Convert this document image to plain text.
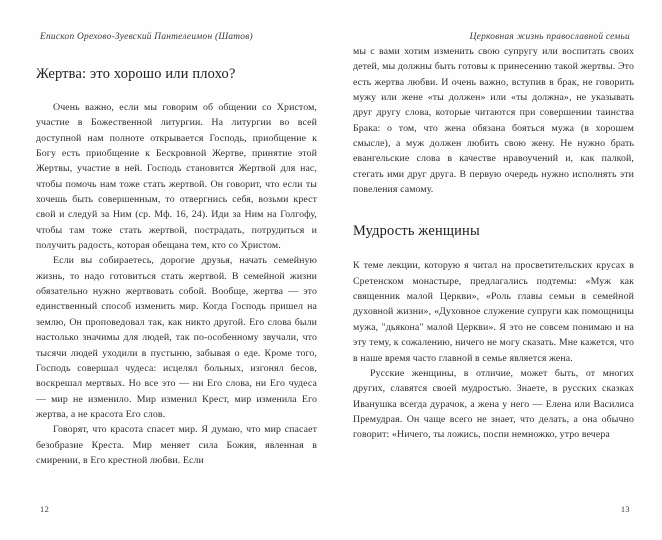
Епископ Орехово-Зуевский Пантелеимон (Шатов)
Жертва: это хорошо или плохо?

Очень важно, если мы говорим об общении со Христом, участие в Божественной литургии. На литургии во всей доступной нам полноте открывается Господь, приобщение к Богу есть приобщение к Бескровной Жертве, принятие этой Жертвы, участие в ней. Господь становится Жертвой для нас, чтобы помочь нам тоже стать жертвой. Он говорит, что если ты хочешь быть совершенным, то отвергнись себя, возьми крест свой и следуй за Ним (ср. Мф. 16, 24). Иди за Ним на Голгофу, чтобы там тоже стать жертвой, пострадать, потрудиться и получить радость, которая обещана тем, кто со Христом.

Если вы собираетесь, дорогие друзья, начать семейную жизнь, то надо готовиться стать жертвой. В семейной жизни обязательно нужно жертвовать собой. Вообще, жертва — это единственный способ изменить мир. Когда Господь пришел на землю, Он проповедовал так, как никто другой. Его слова были настолько значимы для людей, так по-особенному звучали, что тысячи людей уходили в пустыню, забывая о еде. Кроме того, Господь совершал чудеса: исцелял больных, изгонял бесов, воскрешал мертвых. Но все это — ни Его слова, ни Его чудеса — мир не изменило. Мир изменил Крест, мир изменила Его жертва, а не красота Его слов.

Говорят, что красота спасет мир. Я думаю, что мир спасает безобразие Креста. Мир меняет сила Божия, явленная в смирении, в Его крестной любви. Если

12
Церковная жизнь православной семьи

мы с вами хотим изменить свою супругу или воспитать своих детей, мы должны быть готовы к принесению такой жертвы. Это есть жертва любви. И очень важно, вступив в брак, не говорить мужу или жене «ты должен» или «ты должна», не указывать друг другу слова, которые читаются при совершении таинства Брака: о том, что жена обязана бояться мужа (в хорошем смысле), а муж должен любить свою жену. Не нужно брать евангельские слова в качестве нравоучений и, как палкой, стегать ими друг друга. В первую очередь нужно исполнять эти повеления самому.

Мудрость женщины

К теме лекции, которую я читал на просветительских крусах в Сретенском монастыре, предлагались подтемы: «Муж как священник малой Церкви», «Роль главы семьи в семейной духовной жизни», «Духовное служение супруги как помощницы мужа, "дьякона" малой Церкви». Я это не совсем понимаю и на эту тему, к сожалению, ничего не могу сказать. Мне кажется, что в наше время часто главной в семье является жена.

Русские женщины, в отличие, может быть, от многих других, славятся своей мудростью. Знаете, в русских сказках Иванушка всегда дурачок, а жена у него — Елена или Василиса Премудрая. Он чаще всего не знает, что делать, а она обычно говорит: «Ничего, ты ложись, поспи немножко, утро вечера

13
